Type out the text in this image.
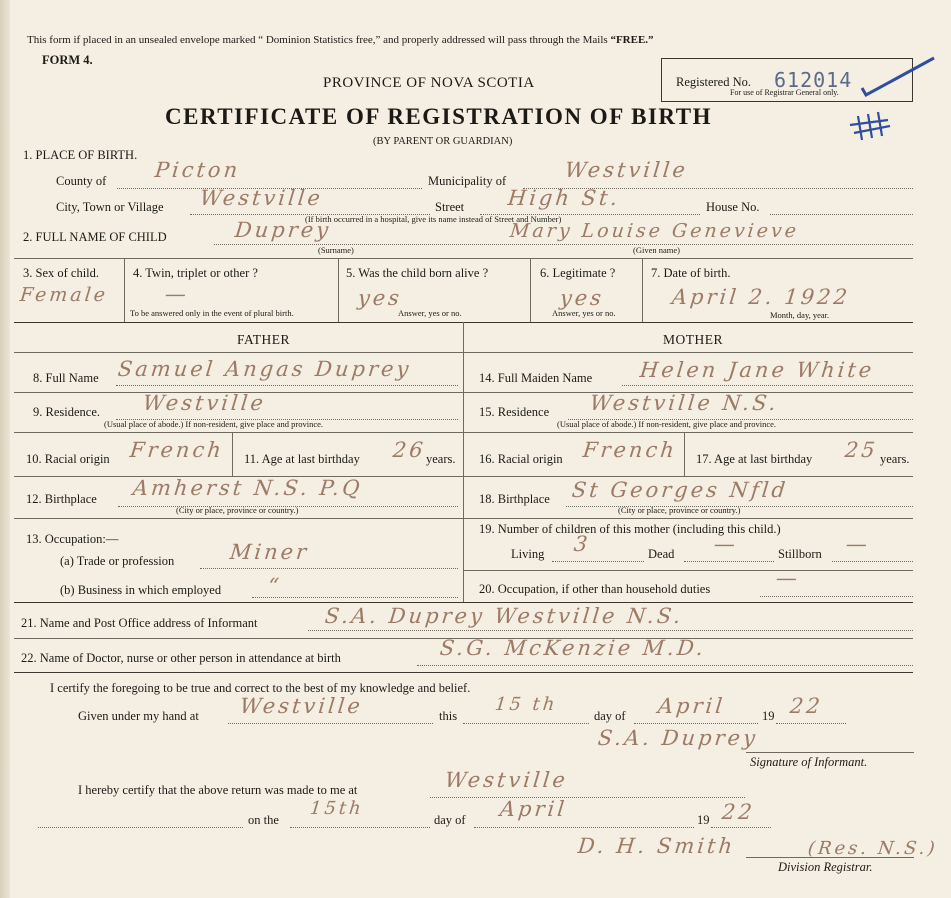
This form if placed in an unsealed envelope marked “ Dominion Statistics free,” and properly addressed will pass through the Mails “FREE.”
FORM 4.
PROVINCE OF NOVA SCOTIA
CERTIFICATE OF REGISTRATION OF BIRTH
(BY PARENT OR GUARDIAN)
Registered No. 612014
For use of Registrar General only.
1. PLACE OF BIRTH.
County of Picton	Municipality of	Westville
City, Town or Village Westville	Street High St.	House No.
(If birth occurred in a hospital, give its name instead of Street and Number)
2. FULL NAME OF CHILD	Duprey	Mary Louise Genevieve
(Surname)	(Given name)
3. Sex of child.
Female
4. Twin, triplet or other ?
—
To be answered only in the event of plural birth.
5. Was the child born alive ?
yes
Answer, yes or no.
6. Legitimate ?
yes
Answer, yes or no.
7. Date of birth.
April 2. 1922
Month, day, year.
FATHER
8. Full Name Samuel Angas Duprey
9. Residence. Westville
(Usual place of abode.) If non-resident, give place and province.
10. Racial origin French 11. Age at last birthday 26 years.
12. Birthplace Amherst N.S. P.Q
(City or place, province or country.)
13. Occupation:—
(a) Trade or profession	Miner
(b) Business in which employed “
MOTHER
14. Full Maiden Name Helen Jane White
15. Residence Westville N.S.
(Usual place of abode.) If non-resident, give place and province.
16. Racial origin French 17. Age at last birthday 25 years.
18. Birthplace St Georges Nfld
(City or place, province or country.)
19. Number of children of this mother (including this child.)
Living 3	Dead —	Stillborn —
20. Occupation, if other than household duties	—
21. Name and Post Office address of Informant	S.A. Duprey Westville N.S.
22. Name of Doctor, nurse or other person in attendance at birth	S.G. McKenzie M.D.
I certify the foregoing to be true and correct to the best of my knowledge and belief.
Given under my hand at Westville	this
15 th
day of April	19 22
S.A. Duprey
Signature of Informant.
I hereby certify that the above return was made to me at	Westville
on the
15th
day of April	19 22
D. H. Smith	(Res. N.S.)
Division Registrar.
